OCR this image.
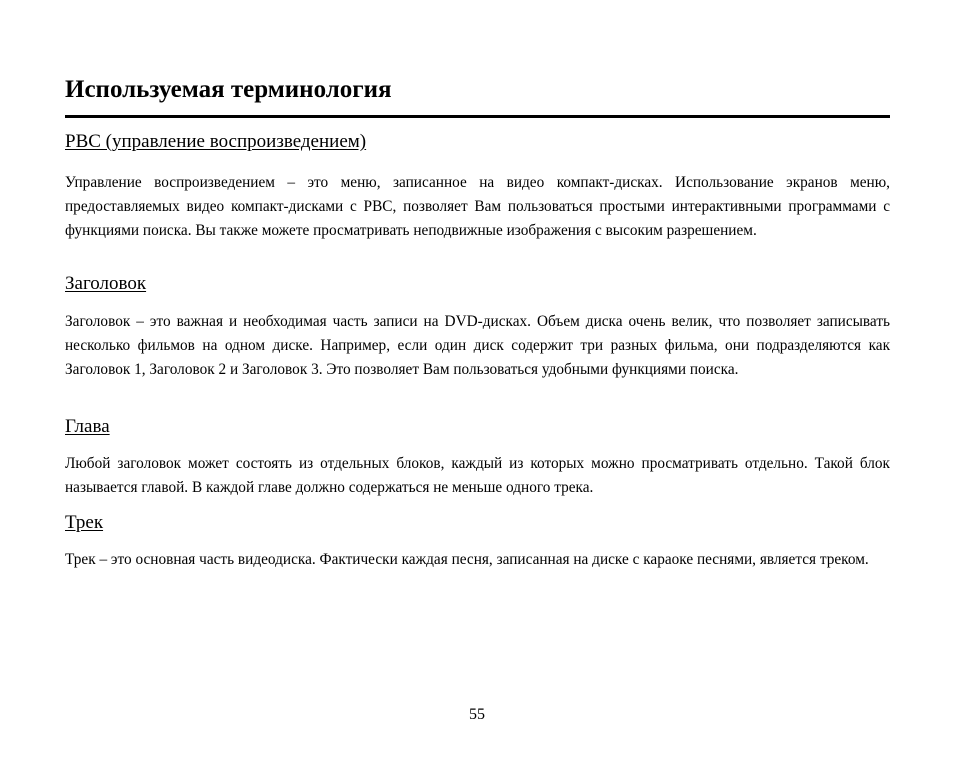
Используемая терминология
PBC (управление воспроизведением)

Управление воспроизведением – это меню, записанное на видео компакт-дисках. Использование экранов меню, предоставляемых видео компакт-дисками с PBC, позволяет Вам пользоваться простыми интерактивными программами с функциями поиска. Вы также можете просматривать неподвижные изображения с высоким разрешением.

Заголовок

Заголовок – это важная и необходимая часть записи на DVD-дисках. Объем диска очень велик, что позволяет записывать несколько фильмов на одном диске. Например, если один диск содержит три разных фильма, они подразделяются как Заголовок 1, Заголовок 2 и Заголовок 3. Это позволяет Вам пользоваться удобными функциями поиска.

Глава

Любой заголовок может состоять из отдельных блоков, каждый из которых можно просматривать отдельно. Такой блок называется главой. В каждой главе должно содержаться не меньше одного трека.

Трек

Трек – это основная часть видеодиска. Фактически каждая песня, записанная на диске с караоке песнями, является треком.

55
